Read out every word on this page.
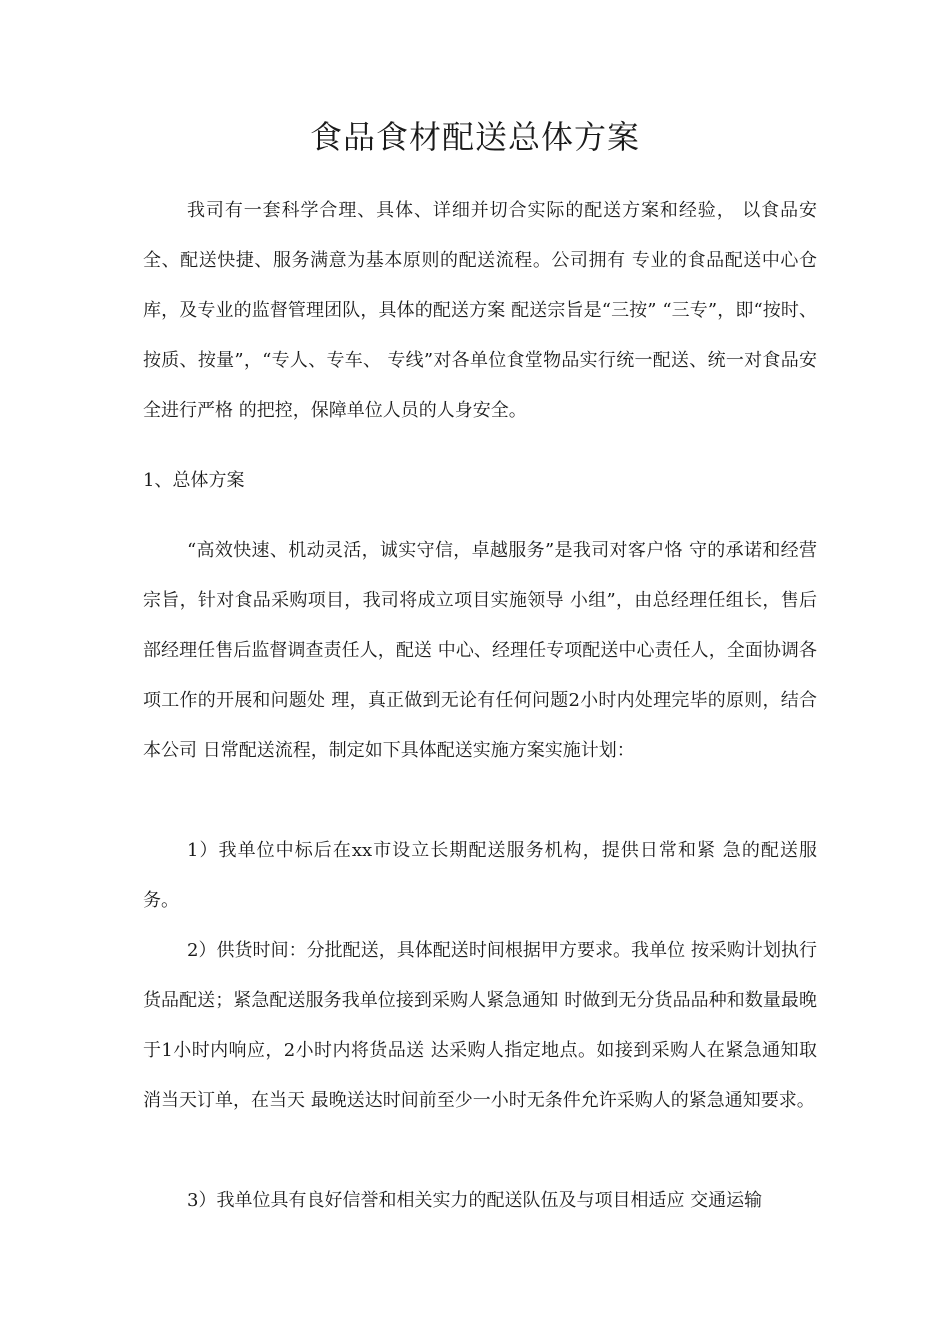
食品食材配送总体方案
我司有一套科学合理、具体、详细并切合实际的配送方案和经验， 以食品安全、配送快捷、服务满意为基本原则的配送流程。公司拥有 专业的食品配送中心仓库，及专业的监督管理团队，具体的配送方案 配送宗旨是“三按” “三专”，即“按时、按质、按量”，“专人、专车、 专线”对各单位食堂物品实行统一配送、统一对食品安全进行严格 的把控，保障单位人员的人身安全。
1、总体方案
“高效快速、机动灵活，诚实守信，卓越服务”是我司对客户恪 守的承诺和经营宗旨，针对食品采购项目，我司将成立项目实施领导 小组”，由总经理任组长，售后部经理任售后监督调查责任人，配送 中心、经理任专项配送中心责任人，全面协调各项工作的开展和问题处 理，真正做到无论有任何问题2小时内处理完毕的原则，结合本公司 日常配送流程，制定如下具体配送实施方案实施计划：
1）我单位中标后在xx市设立长期配送服务机构，提供日常和紧 急的配送服务。
2）供货时间：分批配送，具体配送时间根据甲方要求。我单位 按采购计划执行货品配送；紧急配送服务我单位接到采购人紧急通知 时做到无分货品品种和数量最晚于1小时内响应，2小时内将货品送 达采购人指定地点。如接到采购人在紧急通知取消当天订单，在当天 最晚送达时间前至少一小时无条件允许采购人的紧急通知要求。
3）我单位具有良好信誉和相关实力的配送队伍及与项目相适应 交通运输
